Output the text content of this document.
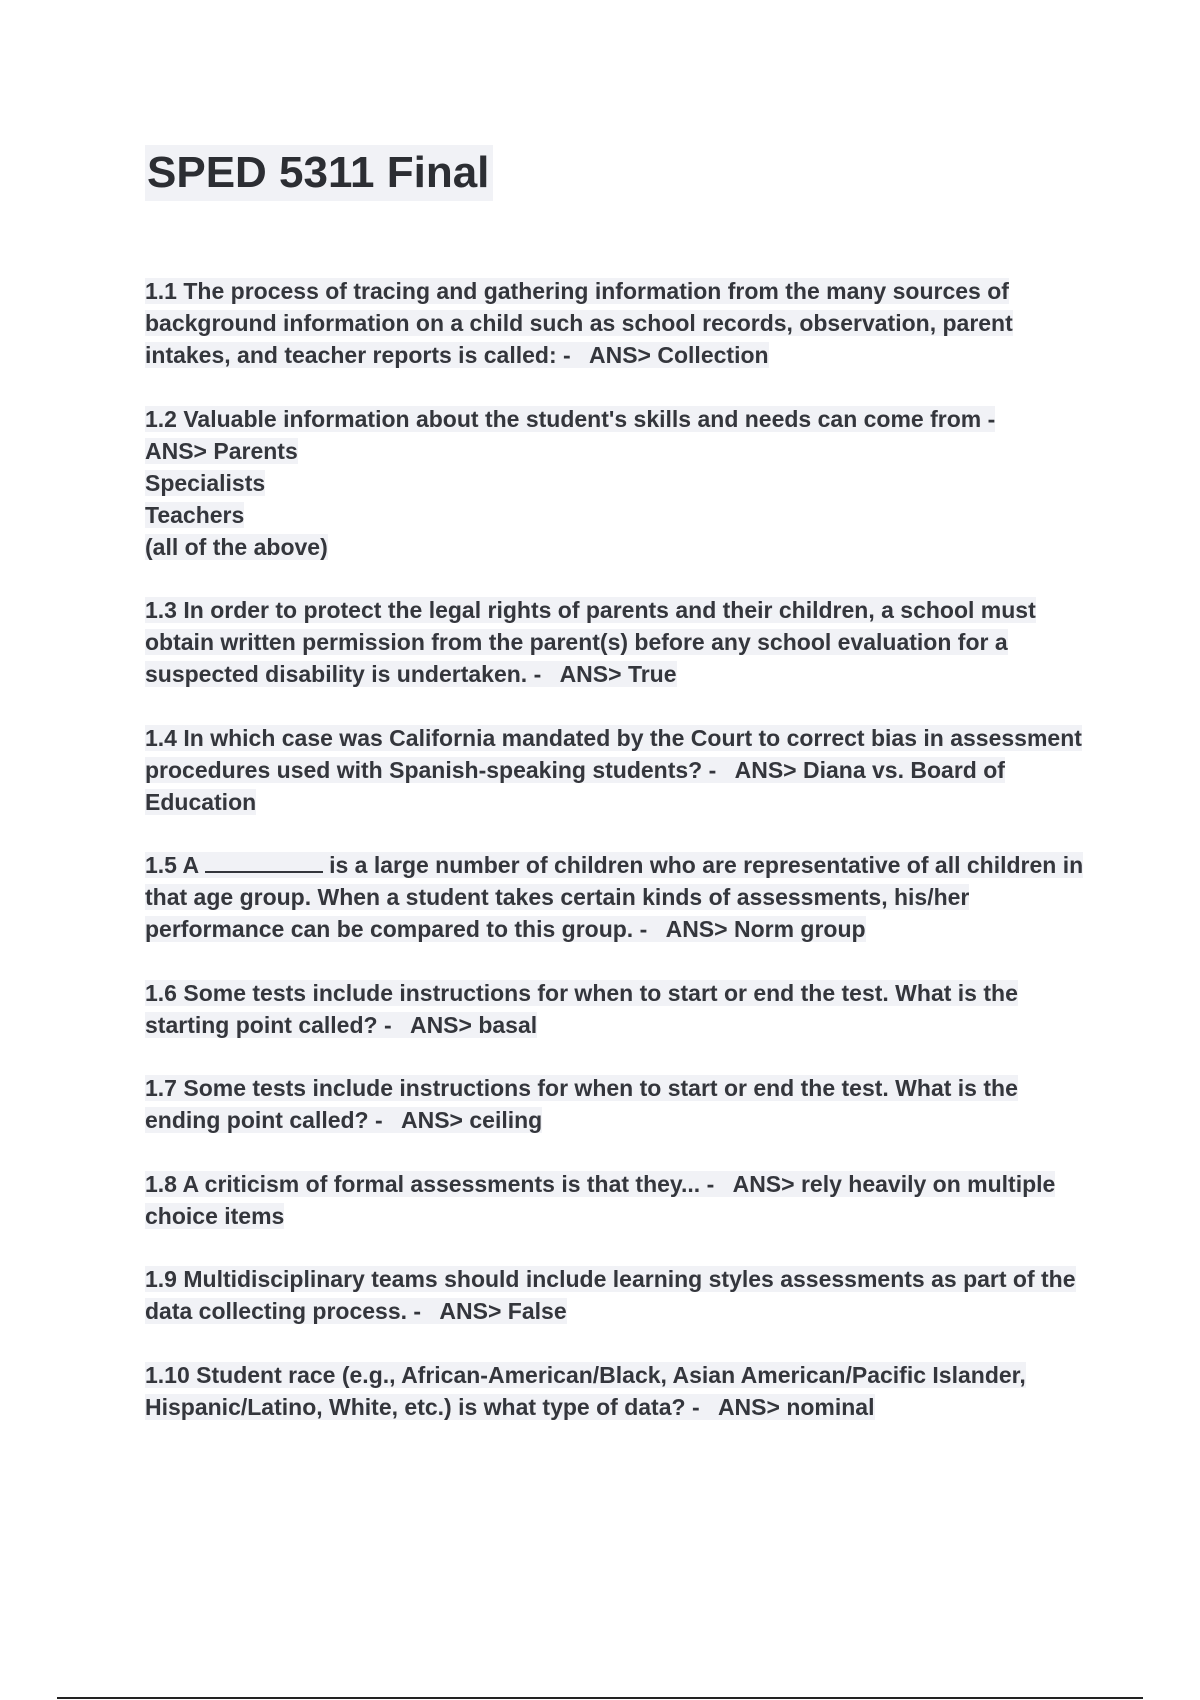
SPED 5311 Final

1.1 The process of tracing and gathering information from the many sources of background information on a child such as school records, observation, parent intakes, and teacher reports is called: - ANS> Collection

1.2 Valuable information about the student's skills and needs can come from -
ANS> Parents
Specialists
Teachers
(all of the above)

1.3 In order to protect the legal rights of parents and their children, a school must obtain written permission from the parent(s) before any school evaluation for a suspected disability is undertaken. - ANS> True

1.4 In which case was California mandated by the Court to correct bias in assessment procedures used with Spanish-speaking students? - ANS> Diana vs. Board of Education

1.5 A	is a large number of children who are representative of all children in that age group. When a student takes certain kinds of assessments, his/her performance can be compared to this group. - ANS> Norm group

1.6 Some tests include instructions for when to start or end the test. What is the starting point called? - ANS> basal

1.7 Some tests include instructions for when to start or end the test. What is the ending point called? - ANS> ceiling

1.8 A criticism of formal assessments is that they... - ANS> rely heavily on multiple choice items

1.9 Multidisciplinary teams should include learning styles assessments as part of the data collecting process. - ANS> False

1.10 Student race (e.g., African-American/Black, Asian American/Pacific Islander, Hispanic/Latino, White, etc.) is what type of data? - ANS> nominal
